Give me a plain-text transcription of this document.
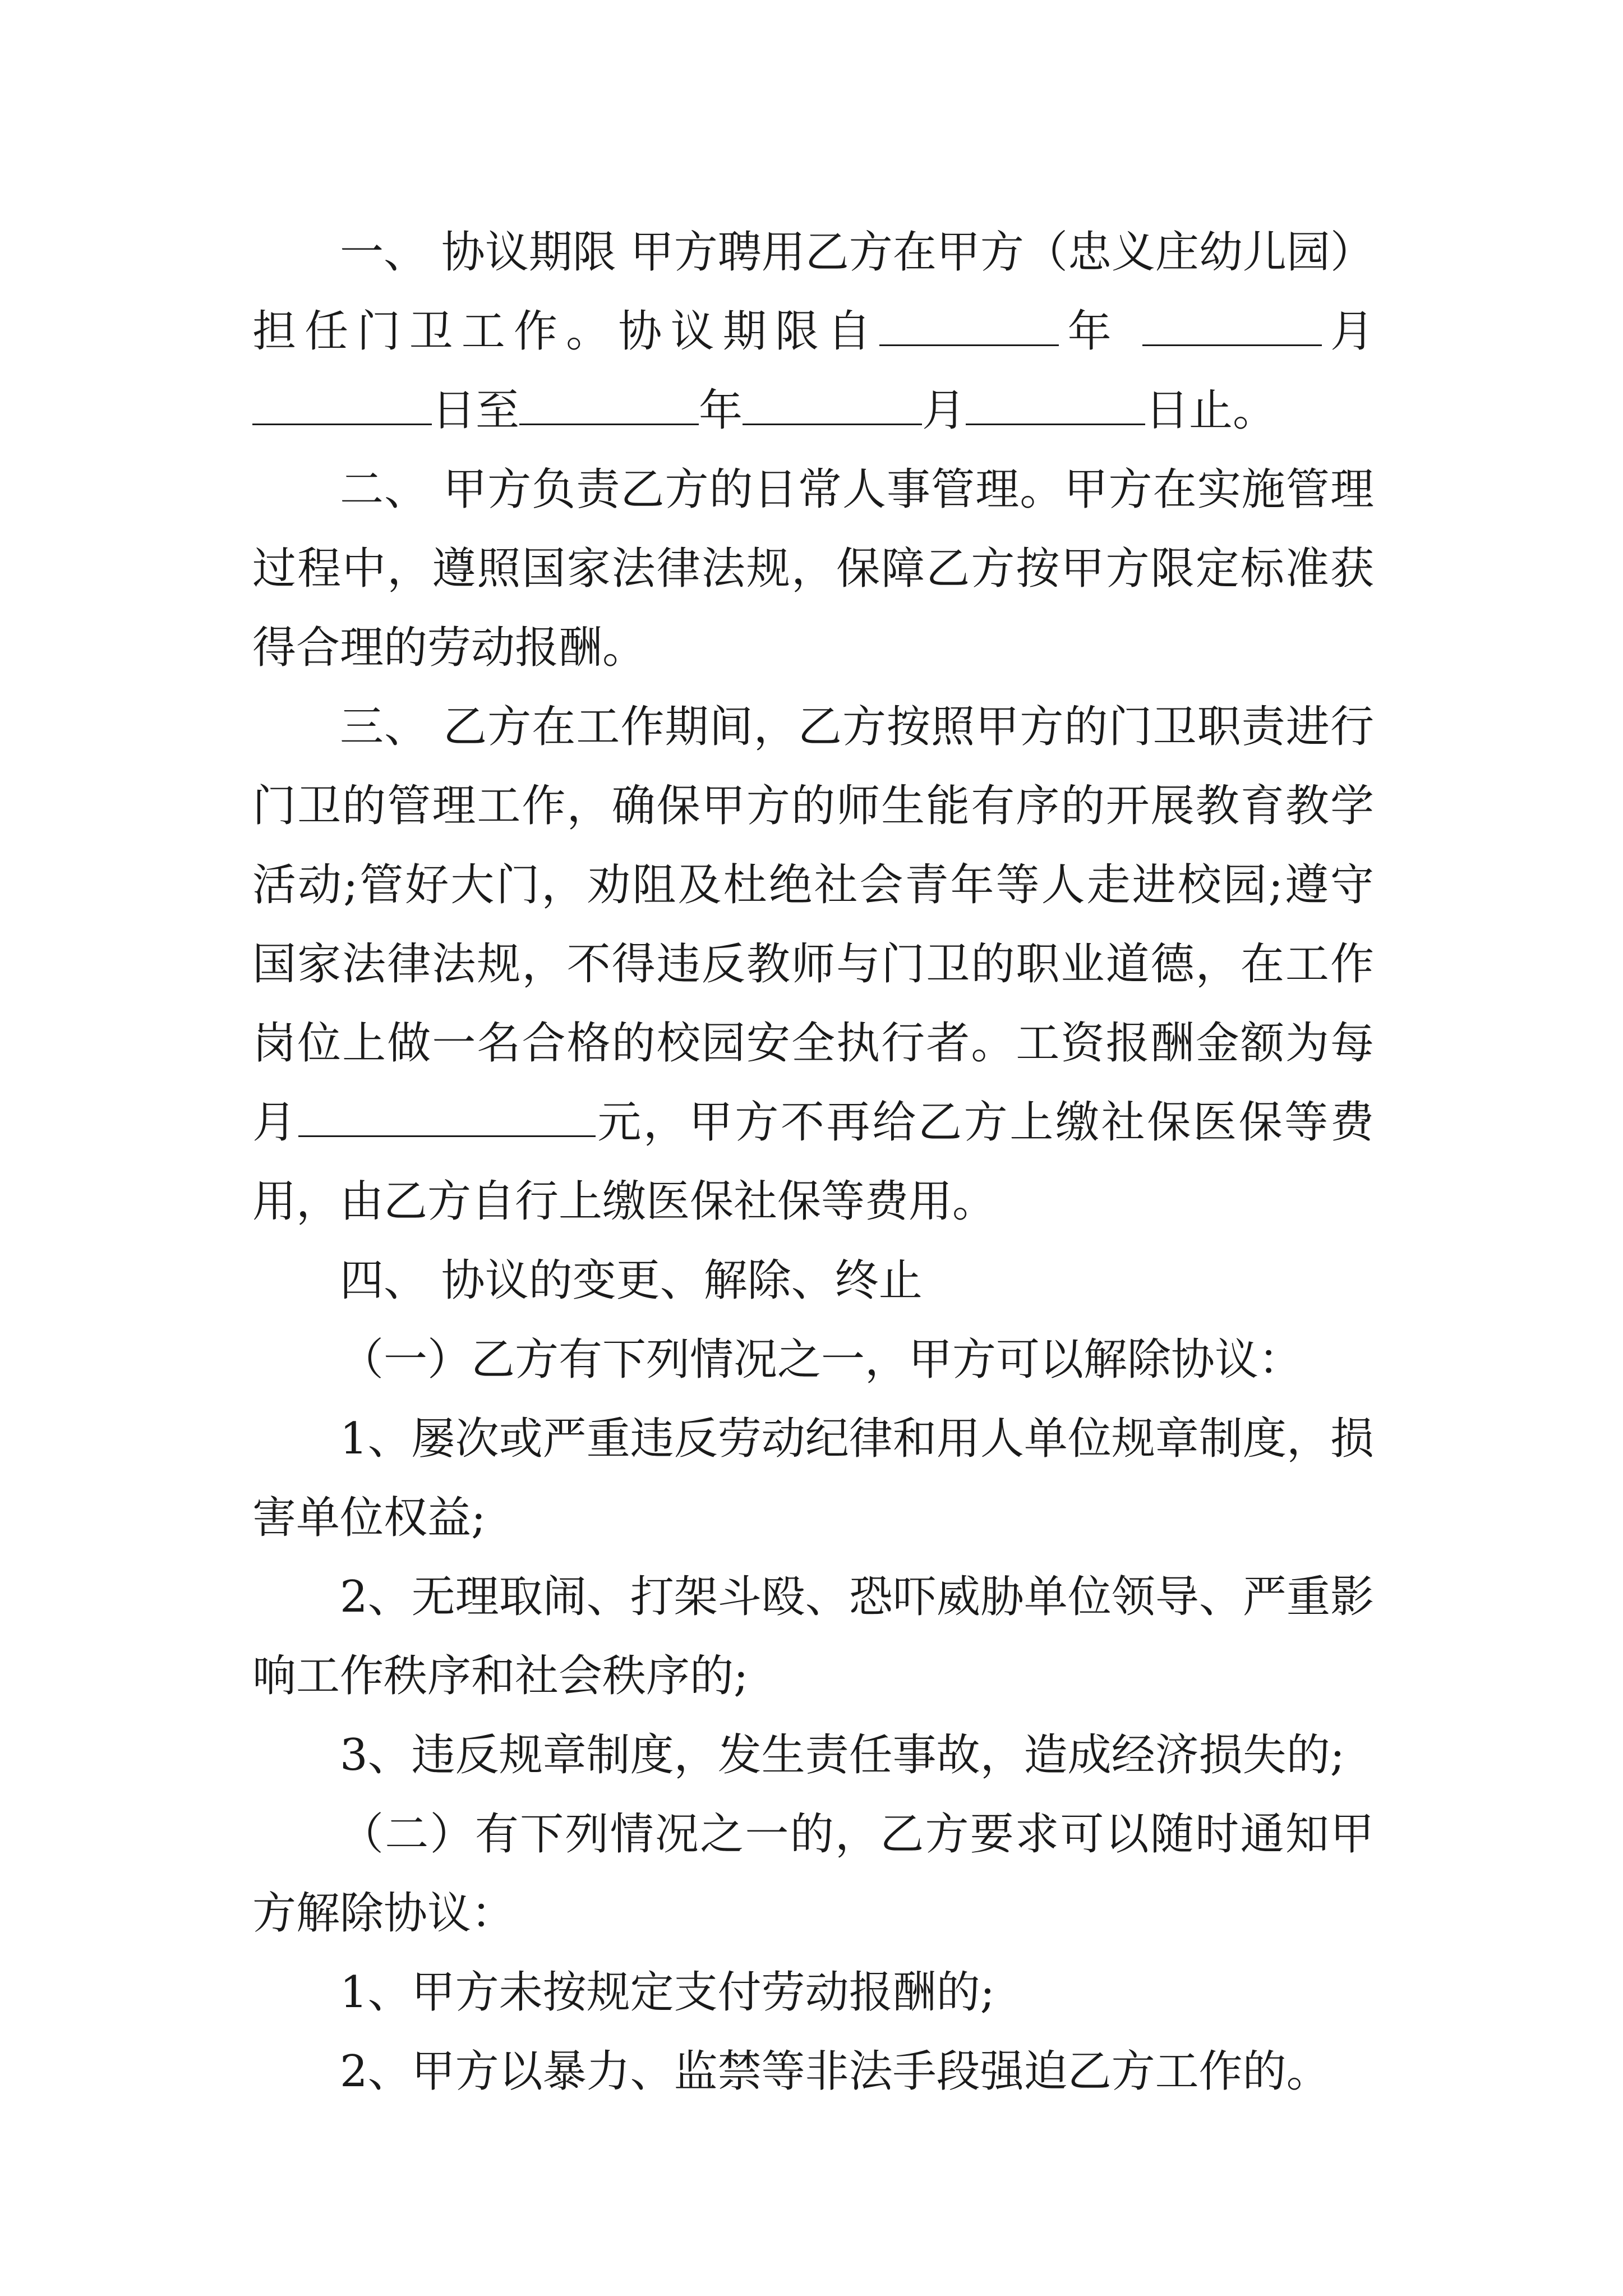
一、 协议期限 甲方聘用乙方在甲方（忠义庄幼儿园）担任门卫工作。协议期限自	年	月日至	年	月	日止。

二、 甲方负责乙方的日常人事管理。甲方在实施管理过程中，遵照国家法律法规，保障乙方按甲方限定标准获得合理的劳动报酬。

三、 乙方在工作期间，乙方按照甲方的门卫职责进行门卫的管理工作，确保甲方的师生能有序的开展教育教学活动;管好大门，劝阻及杜绝社会青年等人走进校园;遵守国家法律法规，不得违反教师与门卫的职业道德，在工作岗位上做一名合格的校园安全执行者。工资报酬金额为每月	元，甲方不再给乙方上缴社保医保等费用，由乙方自行上缴医保社保等费用。

四、 协议的变更、解除、终止

（一）乙方有下列情况之一，甲方可以解除协议：

1、屡次或严重违反劳动纪律和用人单位规章制度，损害单位权益;

2、无理取闹、打架斗殴、恐吓威胁单位领导、严重影响工作秩序和社会秩序的;

3、违反规章制度，发生责任事故，造成经济损失的;

（二）有下列情况之一的，乙方要求可以随时通知甲方解除协议：

1、甲方未按规定支付劳动报酬的;

2、甲方以暴力、监禁等非法手段强迫乙方工作的。
